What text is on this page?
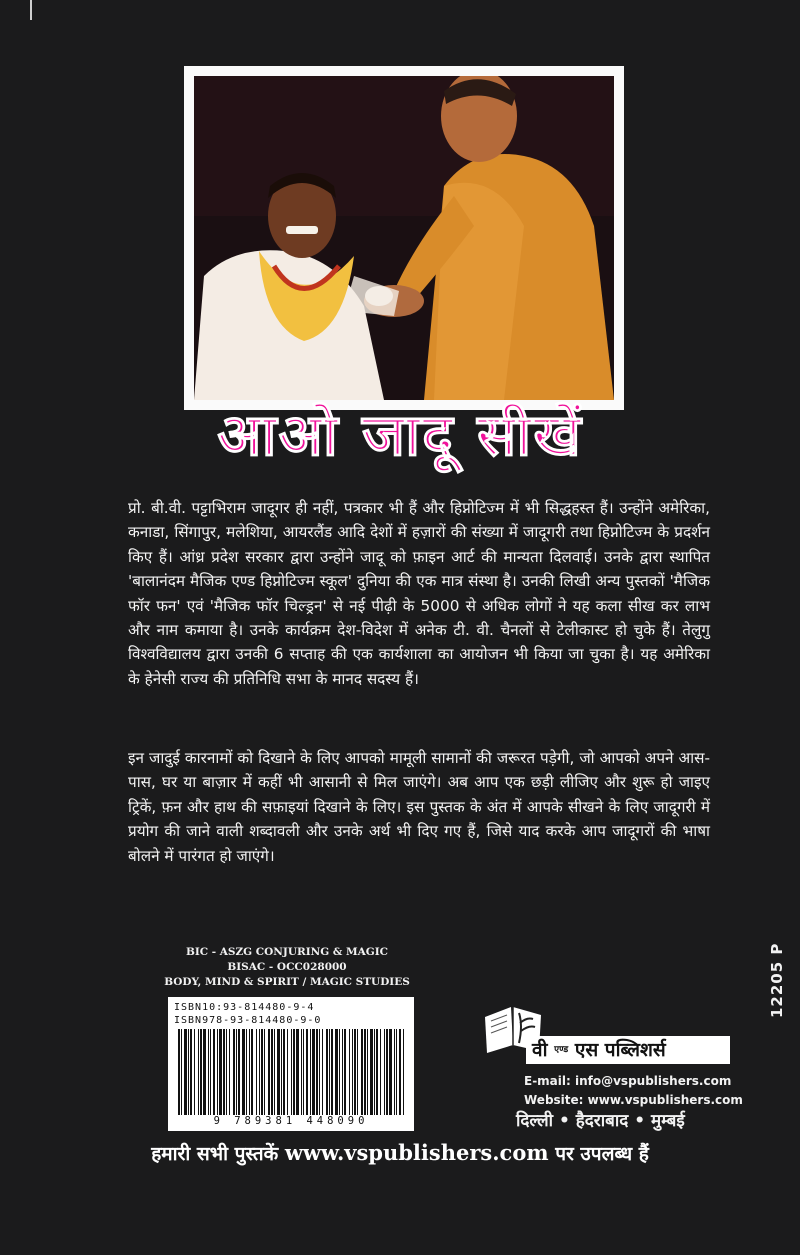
आओ जादू सीखें

प्रो. बी.वी. पट्टाभिराम जादूगर ही नहीं, पत्रकार भी हैं और हिप्नोटिज्म में भी सिद्धहस्त हैं। उन्होंने अमेरिका, कनाडा, सिंगापुर, मलेशिया, आयरलैंड आदि देशों में हज़ारों की संख्या में जादूगरी तथा हिप्नोटिज्म के प्रदर्शन किए हैं। आंध्र प्रदेश सरकार द्वारा उन्होंने जादू को फ़ाइन आर्ट की मान्यता दिलवाई। उनके द्वारा स्थापित 'बालानंदम मैजिक एण्ड हिप्नोटिज्म स्कूल' दुनिया की एक मात्र संस्था है। उनकी लिखी अन्य पुस्तकों 'मैजिक फॉर फन' एवं 'मैजिक फॉर चिल्ड्रन' से नई पीढ़ी के 5000 से अधिक लोगों ने यह कला सीख कर लाभ और नाम कमाया है। उनके कार्यक्रम देश-विदेश में अनेक टी. वी. चैनलों से टेलीकास्ट हो चुके हैं। तेलुगु विश्वविद्यालय द्वारा उनकी 6 सप्ताह की एक कार्यशाला का आयोजन भी किया जा चुका है। यह अमेरिका के हेनेसी राज्य की प्रतिनिधि सभा के मानद सदस्य हैं।

इन जादुई कारनामों को दिखाने के लिए आपको मामूली सामानों की जरूरत पड़ेगी, जो आपको अपने आस-पास, घर या बाज़ार में कहीं भी आसानी से मिल जाएंगे। अब आप एक छड़ी लीजिए और शुरू हो जाइए ट्रिकें, फ़न और हाथ की सफ़ाइयां दिखाने के लिए। इस पुस्तक के अंत में आपके सीखने के लिए जादूगरी में प्रयोग की जाने वाली शब्दावली और उनके अर्थ भी दिए गए हैं, जिसे याद करके आप जादूगरों की भाषा बोलने में पारंगत हो जाएंगे।

BIC - ASZG CONJURING & MAGIC
BISAC - OCC028000
BODY, MIND & SPIRIT / MAGIC STUDIES
ISBN10:93-814480-9-4
ISBN978-93-814480-9-0
9 789381 448090
12205 P
वी $^{एण्ड}$ एस पब्लिशर्स
E-mail: info@vspublishers.com
Website: www.vspublishers.com
दिल्ली • हैदराबाद • मुम्बई
हमारी सभी पुस्तकें www.vspublishers.com पर उपलब्ध हैं
